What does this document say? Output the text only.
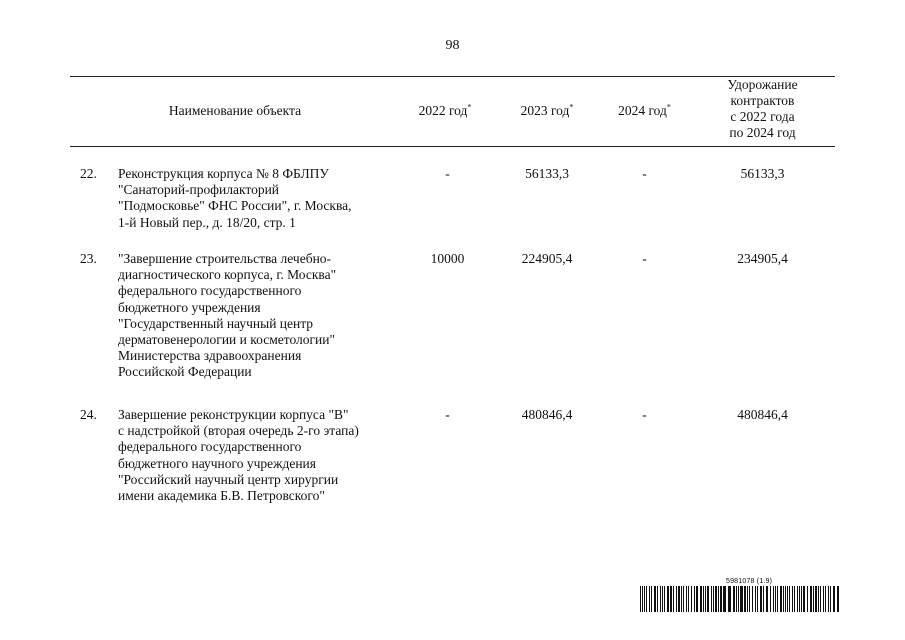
98
Наименование объекта	2022 год*	2023 год*	2024 год*
Удорожание
контрактов
с 2022 года
по 2024 год
22.	Реконструкция корпуса № 8 ФБЛПУ
"Санаторий-профилакторий
"Подмосковье" ФНС России", г. Москва,
1-й Новый пер., д. 18/20, стр. 1
-	56133,3	-	56133,3
23.	"Завершение строительства лечебно-
диагностического корпуса, г. Москва"
федерального государственного
бюджетного учреждения
"Государственный научный центр
дерматовенерологии и косметологии"
Министерства здравоохранения
Российской Федерации
10000	224905,4	-	234905,4
24.	Завершение реконструкции корпуса "В"
с надстройкой (вторая очередь 2-го этапа)
федерального государственного
бюджетного научного учреждения
"Российский научный центр хирургии
имени академика Б.В. Петровского"
-	480846,4	-	480846,4
5981078 (1.9)
